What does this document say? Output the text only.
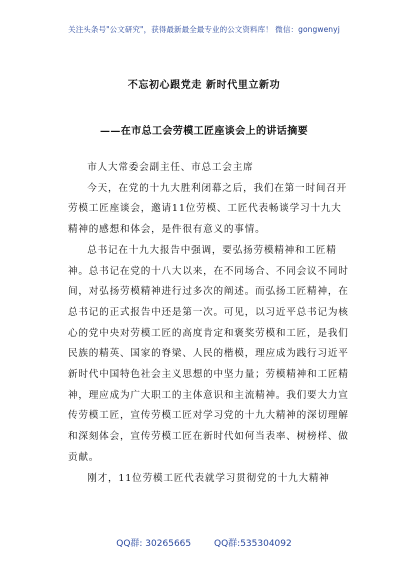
关注头条号"公文研究"，获得最新最全最专业的公文资料库！ 微信：gongwenyj
不忘初心跟党走 新时代里立新功
——在市总工会劳模工匠座谈会上的讲话摘要

市人大常委会副主任、市总工会主席

今天，在党的十九大胜利闭幕之后，我们在第一时间召开劳模工匠座谈会，邀请11位劳模、工匠代表畅谈学习十九大精神的感想和体会，是件很有意义的事情。

总书记在十九大报告中强调，要弘扬劳模精神和工匠精神。总书记在党的十八大以来，在不同场合、不同会议不同时间，对弘扬劳模精神进行过多次的阐述。而弘扬工匠精神，在总书记的正式报告中还是第一次。可见，以习近平总书记为核心的党中央对劳模工匠的高度肯定和褒奖劳模和工匠，是我们民族的精英、国家的脊梁、人民的楷模，理应成为践行习近平新时代中国特色社会主义思想的中坚力量；劳模精神和工匠精神，理应成为广大职工的主体意识和主流精神。我们要大力宣传劳模工匠，宣传劳模工匠对学习党的十九大精神的深切理解和深刻体会，宣传劳模工匠在新时代如何当表率、树榜样、做贡献。

刚才，11位劳模工匠代表就学习贯彻党的十九大精神

QQ群: 30265665	QQ群:535304092
